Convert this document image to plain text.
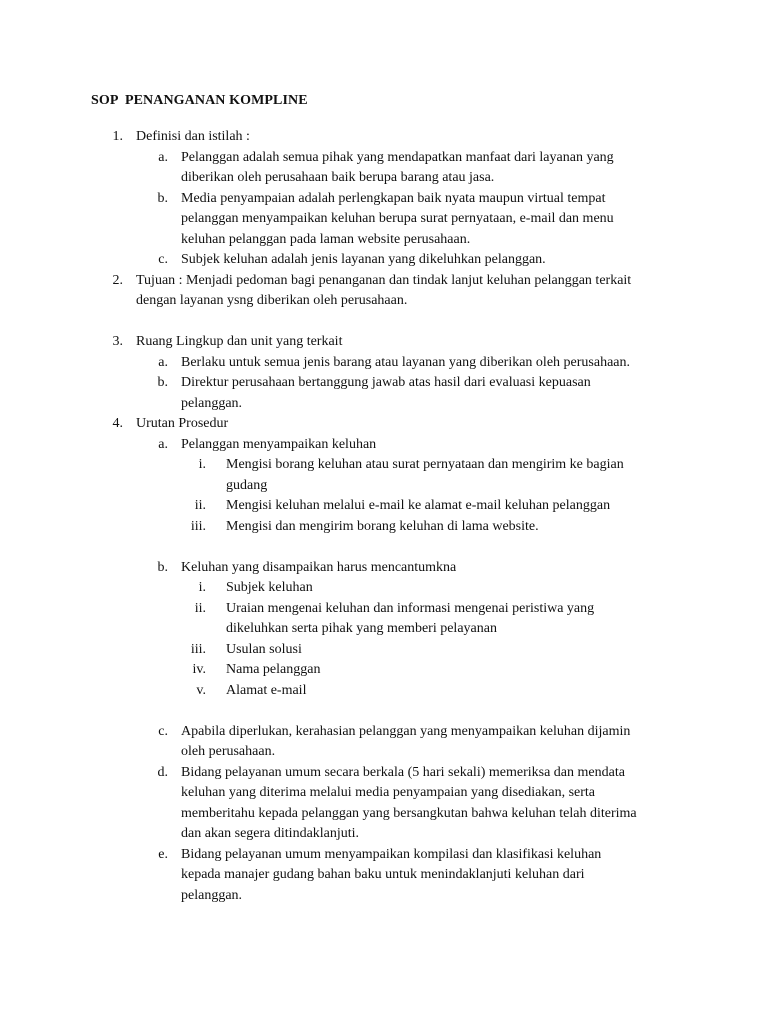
SOP  PENANGANAN KOMPLINE
1. Definisi dan istilah :
a. Pelanggan adalah semua pihak yang mendapatkan manfaat dari layanan yang
diberikan oleh perusahaan baik berupa barang atau jasa.
b. Media penyampaian adalah perlengkapan baik nyata maupun virtual tempat
pelanggan menyampaikan keluhan berupa surat pernyataan, e-mail dan menu
keluhan pelanggan pada laman website perusahaan.
c. Subjek keluhan adalah jenis layanan yang dikeluhkan pelanggan.
2. Tujuan : Menjadi pedoman bagi penanganan dan tindak lanjut keluhan pelanggan terkait
dengan layanan ysng diberikan oleh perusahaan.
3. Ruang Lingkup dan unit yang terkait
a. Berlaku untuk semua jenis barang atau layanan yang diberikan oleh perusahaan.
b. Direktur perusahaan bertanggung jawab atas hasil dari evaluasi kepuasan
pelanggan.
4. Urutan Prosedur
a. Pelanggan menyampaikan keluhan
i. Mengisi borang keluhan atau surat pernyataan dan mengirim ke bagian
gudang
ii. Mengisi keluhan melalui e-mail ke alamat e-mail keluhan pelanggan
iii. Mengisi dan mengirim borang keluhan di lama website.
b. Keluhan yang disampaikan harus mencantumkna
i. Subjek keluhan
ii. Uraian mengenai keluhan dan informasi mengenai peristiwa yang
dikeluhkan serta pihak yang memberi pelayanan
iii. Usulan solusi
iv. Nama pelanggan
v. Alamat e-mail
c. Apabila diperlukan, kerahasian pelanggan yang menyampaikan keluhan dijamin
oleh perusahaan.
d. Bidang pelayanan umum secara berkala (5 hari sekali) memeriksa dan mendata
keluhan yang diterima melalui media penyampaian yang disediakan, serta
memberitahu kepada pelanggan yang bersangkutan bahwa keluhan telah diterima
dan akan segera ditindaklanjuti.
e. Bidang pelayanan umum menyampaikan kompilasi dan klasifikasi keluhan
kepada manajer gudang bahan baku untuk menindaklanjuti keluhan dari
pelanggan.
